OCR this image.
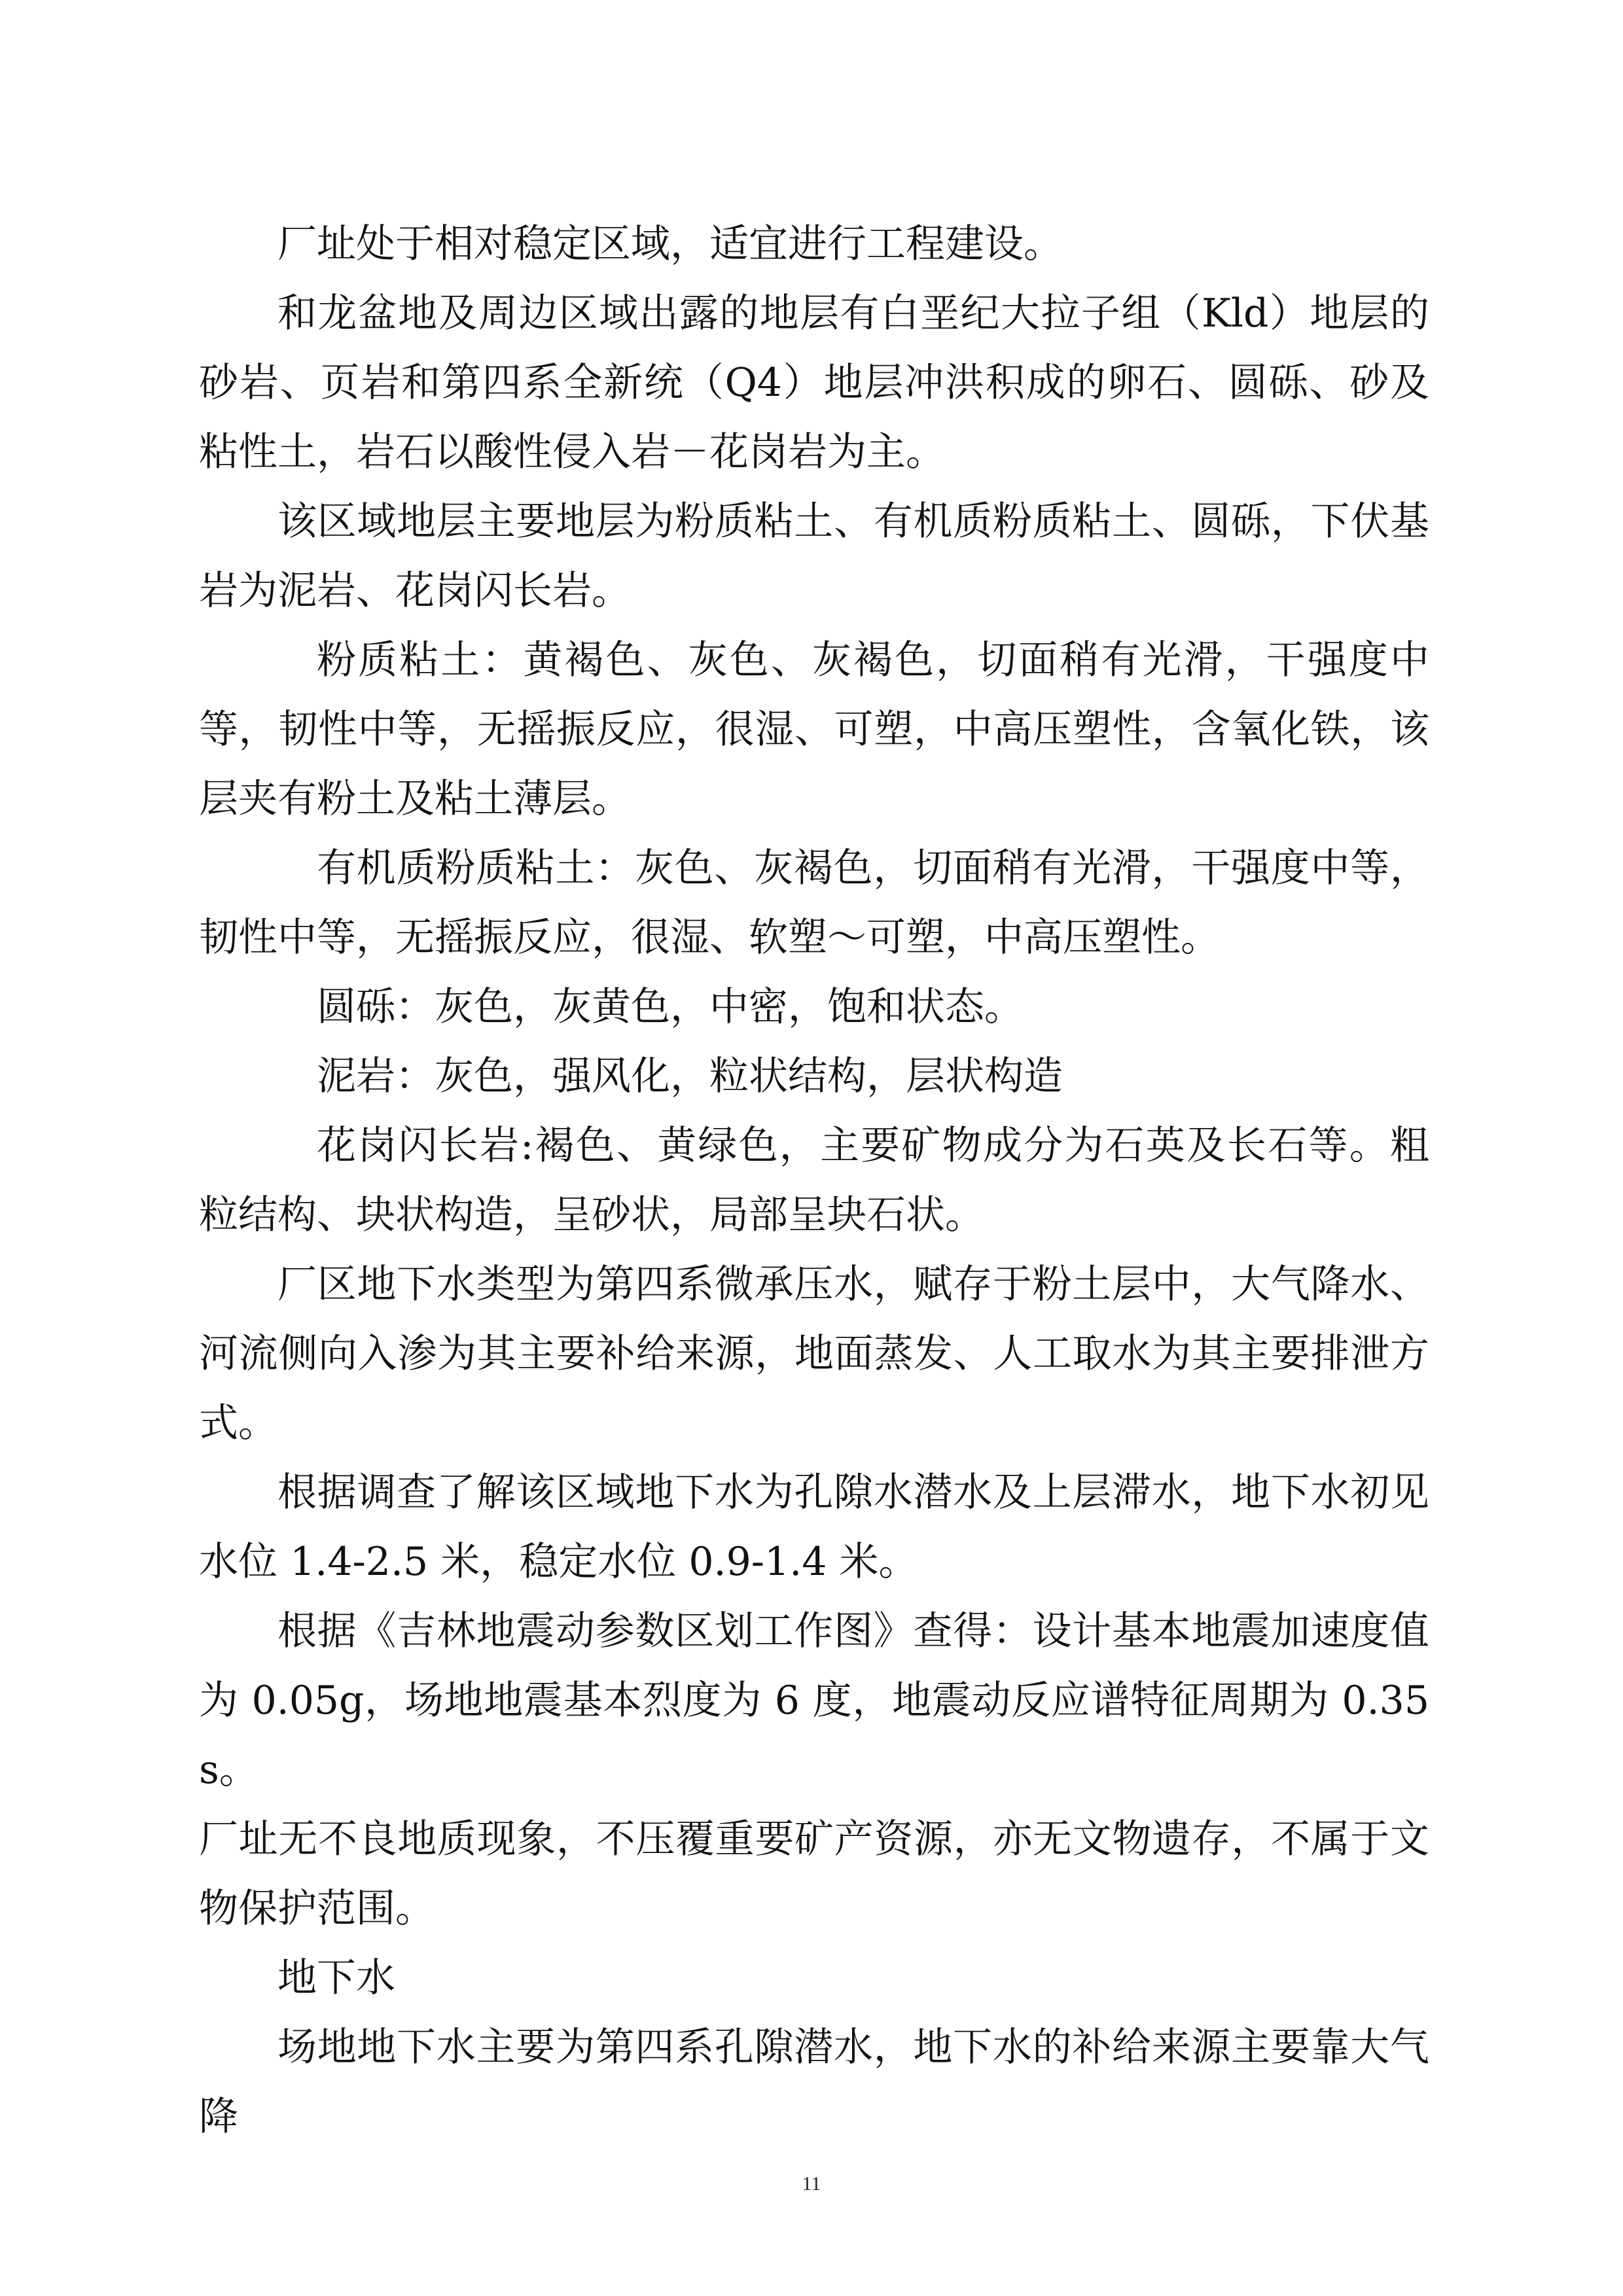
厂址处于相对稳定区域，适宜进行工程建设。

和龙盆地及周边区域出露的地层有白垩纪大拉子组（Kld）地层的砂岩、页岩和第四系全新统（Q4）地层冲洪积成的卵石、圆砾、砂及粘性土，岩石以酸性侵入岩－花岗岩为主。

该区域地层主要地层为粉质粘土、有机质粉质粘土、圆砾，下伏基岩为泥岩、花岗闪长岩。

粉质粘土：黄褐色、灰色、灰褐色，切面稍有光滑，干强度中等，韧性中等，无摇振反应，很湿、可塑，中高压塑性，含氧化铁，该层夹有粉土及粘土薄层。

有机质粉质粘土：灰色、灰褐色，切面稍有光滑，干强度中等，韧性中等，无摇振反应，很湿、软塑～可塑，中高压塑性。

圆砾：灰色，灰黄色，中密，饱和状态。

泥岩：灰色，强风化，粒状结构，层状构造

花岗闪长岩:褐色、黄绿色，主要矿物成分为石英及长石等。粗粒结构、块状构造，呈砂状，局部呈块石状。

厂区地下水类型为第四系微承压水，赋存于粉土层中，大气降水、河流侧向入渗为其主要补给来源，地面蒸发、人工取水为其主要排泄方式。

根据调查了解该区域地下水为孔隙水潜水及上层滞水，地下水初见水位 1.4-2.5 米，稳定水位 0.9-1.4 米。

根据《吉林地震动参数区划工作图》查得：设计基本地震加速度值为 0.05g，场地地震基本烈度为 6 度，地震动反应谱特征周期为 0.35s。

厂址无不良地质现象，不压覆重要矿产资源，亦无文物遗存，不属于文物保护范围。

地下水

场地地下水主要为第四系孔隙潜水，地下水的补给来源主要靠大气降

11
